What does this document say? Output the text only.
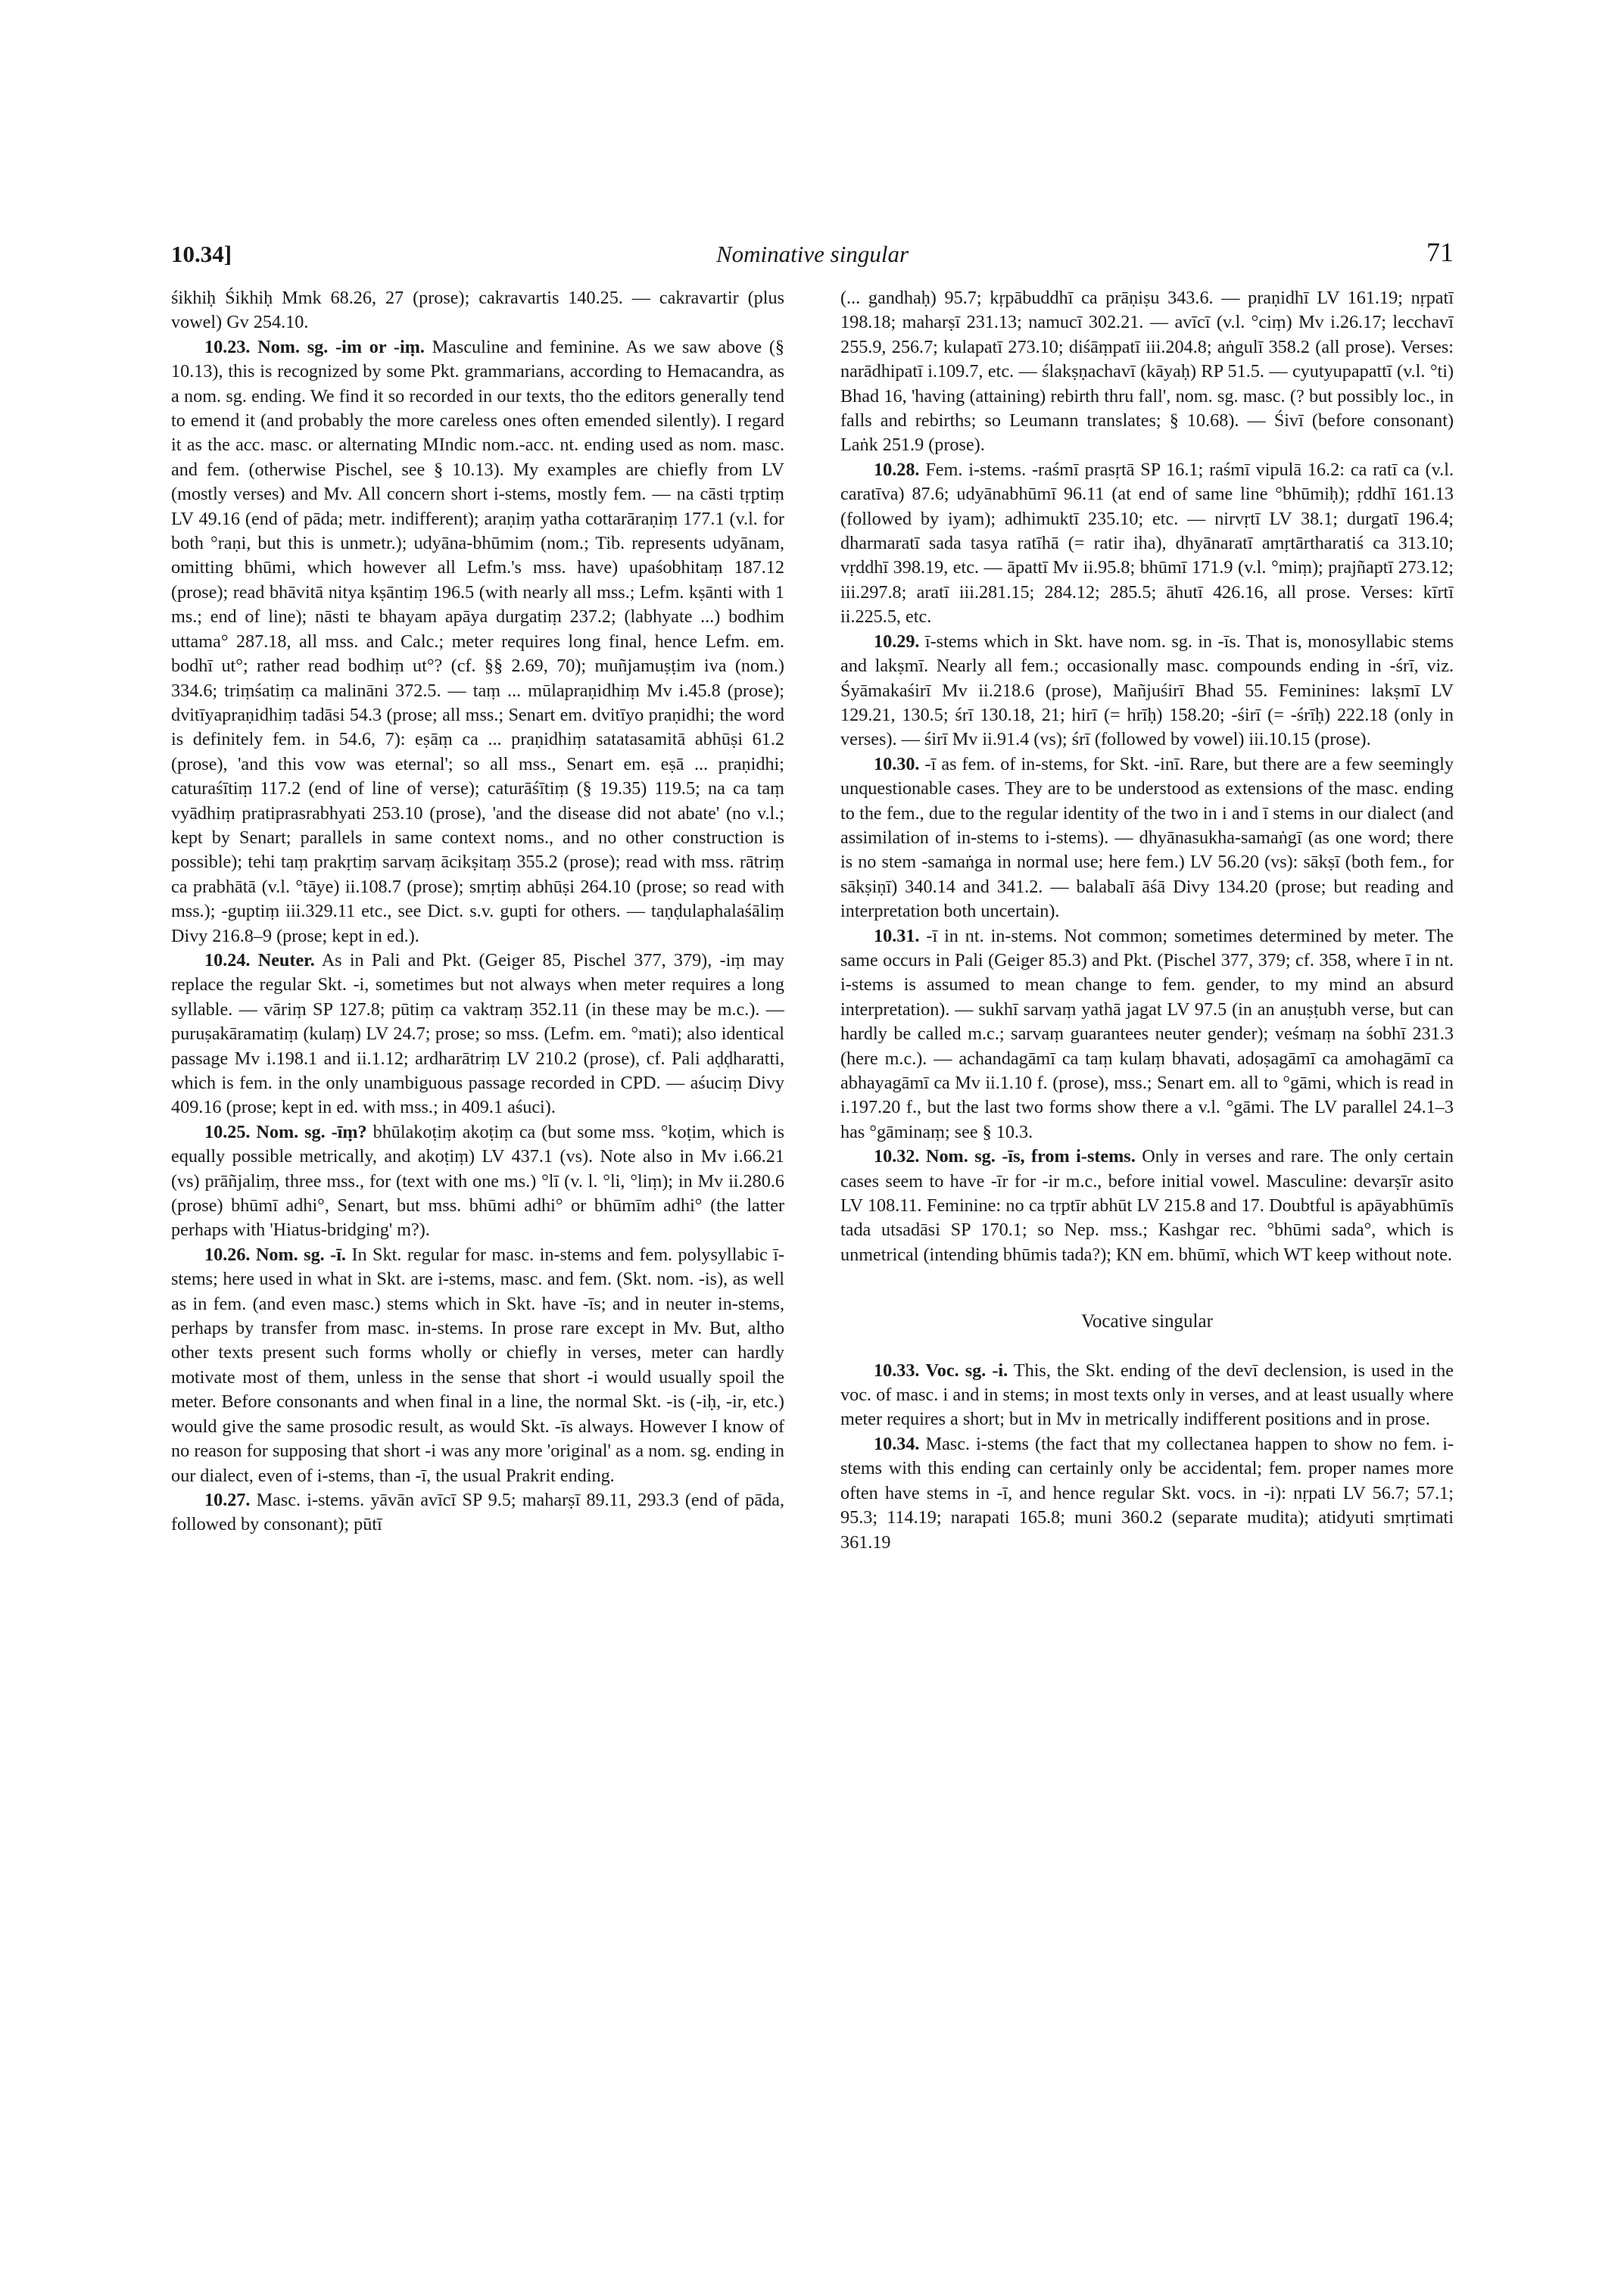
10.34]	Nominative singular	71

śikhiḥ Śikhiḥ Mmk 68.26, 27 (prose); cakravartis 140.25. — cakravartir (plus vowel) Gv 254.10.

10.23. Nom. sg. -im or -iṃ. Masculine and feminine. As we saw above (§ 10.13), this is recognized by some Pkt. grammarians, according to Hemacandra, as a nom. sg. ending. We find it so recorded in our texts, tho the editors generally tend to emend it (and probably the more careless ones often emended silently). I regard it as the acc. masc. or alternating MIndic nom.-acc. nt. ending used as nom. masc. and fem. (otherwise Pischel, see § 10.13). My examples are chiefly from LV (mostly verses) and Mv. All concern short i-stems, mostly fem. — na cāsti tṛptiṃ LV 49.16 (end of pāda; metr. indifferent); araṇiṃ yatha cottarāraṇiṃ 177.1 (v.l. for both °raṇi, but this is unmetr.); udyāna-bhūmim (nom.; Tib. represents udyānam, omitting bhūmi, which however all Lefm.'s mss. have) upaśobhitaṃ 187.12 (prose); read bhāvitā nitya kṣāntiṃ 196.5 (with nearly all mss.; Lefm. kṣānti with 1 ms.; end of line); nāsti te bhayam apāya durgatiṃ 237.2; (labhyate ...) bodhim uttama° 287.18, all mss. and Calc.; meter requires long final, hence Lefm. em. bodhī ut°; rather read bodhiṃ ut°? (cf. §§ 2.69, 70); muñjamuṣṭim iva (nom.) 334.6; triṃśatiṃ ca malināni 372.5. — taṃ ... mūlapraṇidhiṃ Mv i.45.8 (prose); dvitīyapraṇidhiṃ tadāsi 54.3 (prose; all mss.; Senart em. dvitīyo praṇidhi; the word is definitely fem. in 54.6, 7): eṣāṃ ca ... praṇidhiṃ satatasamitā abhūṣi 61.2 (prose), 'and this vow was eternal'; so all mss., Senart em. eṣā ... praṇidhi; caturaśītiṃ 117.2 (end of line of verse); caturāśītiṃ (§ 19.35) 119.5; na ca taṃ vyādhiṃ pratiprasrabhyati 253.10 (prose), 'and the disease did not abate' (no v.l.; kept by Senart; parallels in same context noms., and no other construction is possible); tehi taṃ prakṛtiṃ sarvaṃ ācikṣitaṃ 355.2 (prose); read with mss. rātriṃ ca prabhātā (v.l. °tāye) ii.108.7 (prose); smṛtiṃ abhūṣi 264.10 (prose; so read with mss.); -guptiṃ iii.329.11 etc., see Dict. s.v. gupti for others. — taṇḍulaphalaśāliṃ Divy 216.8–9 (prose; kept in ed.).

10.24. Neuter. As in Pali and Pkt. (Geiger 85, Pischel 377, 379), -iṃ may replace the regular Skt. -i, sometimes but not always when meter requires a long syllable. — vāriṃ SP 127.8; pūtiṃ ca vaktraṃ 352.11 (in these may be m.c.). — puruṣakāramatiṃ (kulaṃ) LV 24.7; prose; so mss. (Lefm. em. °mati); also identical passage Mv i.198.1 and ii.1.12; ardharātriṃ LV 210.2 (prose), cf. Pali aḍḍharatti, which is fem. in the only unambiguous passage recorded in CPD. — aśuciṃ Divy 409.16 (prose; kept in ed. with mss.; in 409.1 aśuci).

10.25. Nom. sg. -īṃ? bhūlakoṭiṃ akoṭiṃ ca (but some mss. °koṭim, which is equally possible metrically, and akoṭiṃ) LV 437.1 (vs). Note also in Mv i.66.21 (vs) prāñjaliṃ, three mss., for (text with one ms.) °lī (v. l. °li, °liṃ); in Mv ii.280.6 (prose) bhūmī adhi°, Senart, but mss. bhūmi adhi° or bhūmīm adhi° (the latter perhaps with 'Hiatus-bridging' m?).

10.26. Nom. sg. -ī. In Skt. regular for masc. in-stems and fem. polysyllabic ī-stems; here used in what in Skt. are i-stems, masc. and fem. (Skt. nom. -is), as well as in fem. (and even masc.) stems which in Skt. have -īs; and in neuter in-stems, perhaps by transfer from masc. in-stems. In prose rare except in Mv. But, altho other texts present such forms wholly or chiefly in verses, meter can hardly motivate most of them, unless in the sense that short -i would usually spoil the meter. Before consonants and when final in a line, the normal Skt. -is (-iḥ, -ir, etc.) would give the same prosodic result, as would Skt. -īs always. However I know of no reason for supposing that short -i was any more 'original' as a nom. sg. ending in our dialect, even of i-stems, than -ī, the usual Prakrit ending.

10.27. Masc. i-stems. yāvān avīcī SP 9.5; maharṣī 89.11, 293.3 (end of pāda, followed by consonant); pūtī

(... gandhaḥ) 95.7; kṛpābuddhī ca prāṇiṣu 343.6. — praṇidhī LV 161.19; nṛpatī 198.18; maharṣī 231.13; namucī 302.21. — avīcī (v.l. °ciṃ) Mv i.26.17; lecchavī 255.9, 256.7; kulapatī 273.10; diśāṃpatī iii.204.8; aṅgulī 358.2 (all prose). Verses: narādhipatī i.109.7, etc. — ślakṣṇachavī (kāyaḥ) RP 51.5. — cyutyupapattī (v.l. °ti) Bhad 16, 'having (attaining) rebirth thru fall', nom. sg. masc. (? but possibly loc., in falls and rebirths; so Leumann translates; § 10.68). — Śivī (before consonant) Laṅk 251.9 (prose).

10.28. Fem. i-stems. -raśmī prasṛtā SP 16.1; raśmī vipulā 16.2: ca ratī ca (v.l. caratīva) 87.6; udyānabhūmī 96.11 (at end of same line °bhūmiḥ); ṛddhī 161.13 (followed by iyam); adhimuktī 235.10; etc. — nirvṛtī LV 38.1; durgatī 196.4; dharmaratī sada tasya ratīhā (= ratir iha), dhyānaratī amṛtārtharatiś ca 313.10; vṛddhī 398.19, etc. — āpattī Mv ii.95.8; bhūmī 171.9 (v.l. °miṃ); prajñaptī 273.12; iii.297.8; aratī iii.281.15; 284.12; 285.5; āhutī 426.16, all prose. Verses: kīrtī ii.225.5, etc.

10.29. ī-stems which in Skt. have nom. sg. in -īs. That is, monosyllabic stems and lakṣmī. Nearly all fem.; occasionally masc. compounds ending in -śrī, viz. Śyāmakaśirī Mv ii.218.6 (prose), Mañjuśirī Bhad 55. Feminines: lakṣmī LV 129.21, 130.5; śrī 130.18, 21; hirī (= hrīḥ) 158.20; -śirī (= -śrīḥ) 222.18 (only in verses). — śirī Mv ii.91.4 (vs); śrī (followed by vowel) iii.10.15 (prose).

10.30. -ī as fem. of in-stems, for Skt. -inī. Rare, but there are a few seemingly unquestionable cases. They are to be understood as extensions of the masc. ending to the fem., due to the regular identity of the two in i and ī stems in our dialect (and assimilation of in-stems to i-stems). — dhyānasukha-samaṅgī (as one word; there is no stem -samaṅga in normal use; here fem.) LV 56.20 (vs): sākṣī (both fem., for sākṣiṇī) 340.14 and 341.2. — balabalī āśā Divy 134.20 (prose; but reading and interpretation both uncertain).

10.31. -ī in nt. in-stems. Not common; sometimes determined by meter. The same occurs in Pali (Geiger 85.3) and Pkt. (Pischel 377, 379; cf. 358, where ī in nt. i-stems is assumed to mean change to fem. gender, to my mind an absurd interpretation). — sukhī sarvaṃ yathā jagat LV 97.5 (in an anuṣṭubh verse, but can hardly be called m.c.; sarvaṃ guarantees neuter gender); veśmaṃ na śobhī 231.3 (here m.c.). — achandagāmī ca taṃ kulaṃ bhavati, adoṣagāmī ca amohagāmī ca abhayagāmī ca Mv ii.1.10 f. (prose), mss.; Senart em. all to °gāmi, which is read in i.197.20 f., but the last two forms show there a v.l. °gāmi. The LV parallel 24.1–3 has °gāminaṃ; see § 10.3.

10.32. Nom. sg. -īs, from i-stems. Only in verses and rare. The only certain cases seem to have -īr for -ir m.c., before initial vowel. Masculine: devarṣīr asito LV 108.11. Feminine: no ca tṛptīr abhūt LV 215.8 and 17. Doubtful is apāyabhūmīs tada utsadāsi SP 170.1; so Nep. mss.; Kashgar rec. °bhūmi sada°, which is unmetrical (intending bhūmis tada?); KN em. bhūmī, which WT keep without note.

Vocative singular

10.33. Voc. sg. -i. This, the Skt. ending of the devī declension, is used in the voc. of masc. i and in stems; in most texts only in verses, and at least usually where meter requires a short; but in Mv in metrically indifferent positions and in prose.

10.34. Masc. i-stems (the fact that my collectanea happen to show no fem. i-stems with this ending can certainly only be accidental; fem. proper names more often have stems in -ī, and hence regular Skt. vocs. in -i): nṛpati LV 56.7; 57.1; 95.3; 114.19; narapati 165.8; muni 360.2 (separate mudita); atidyuti smṛtimati 361.19
